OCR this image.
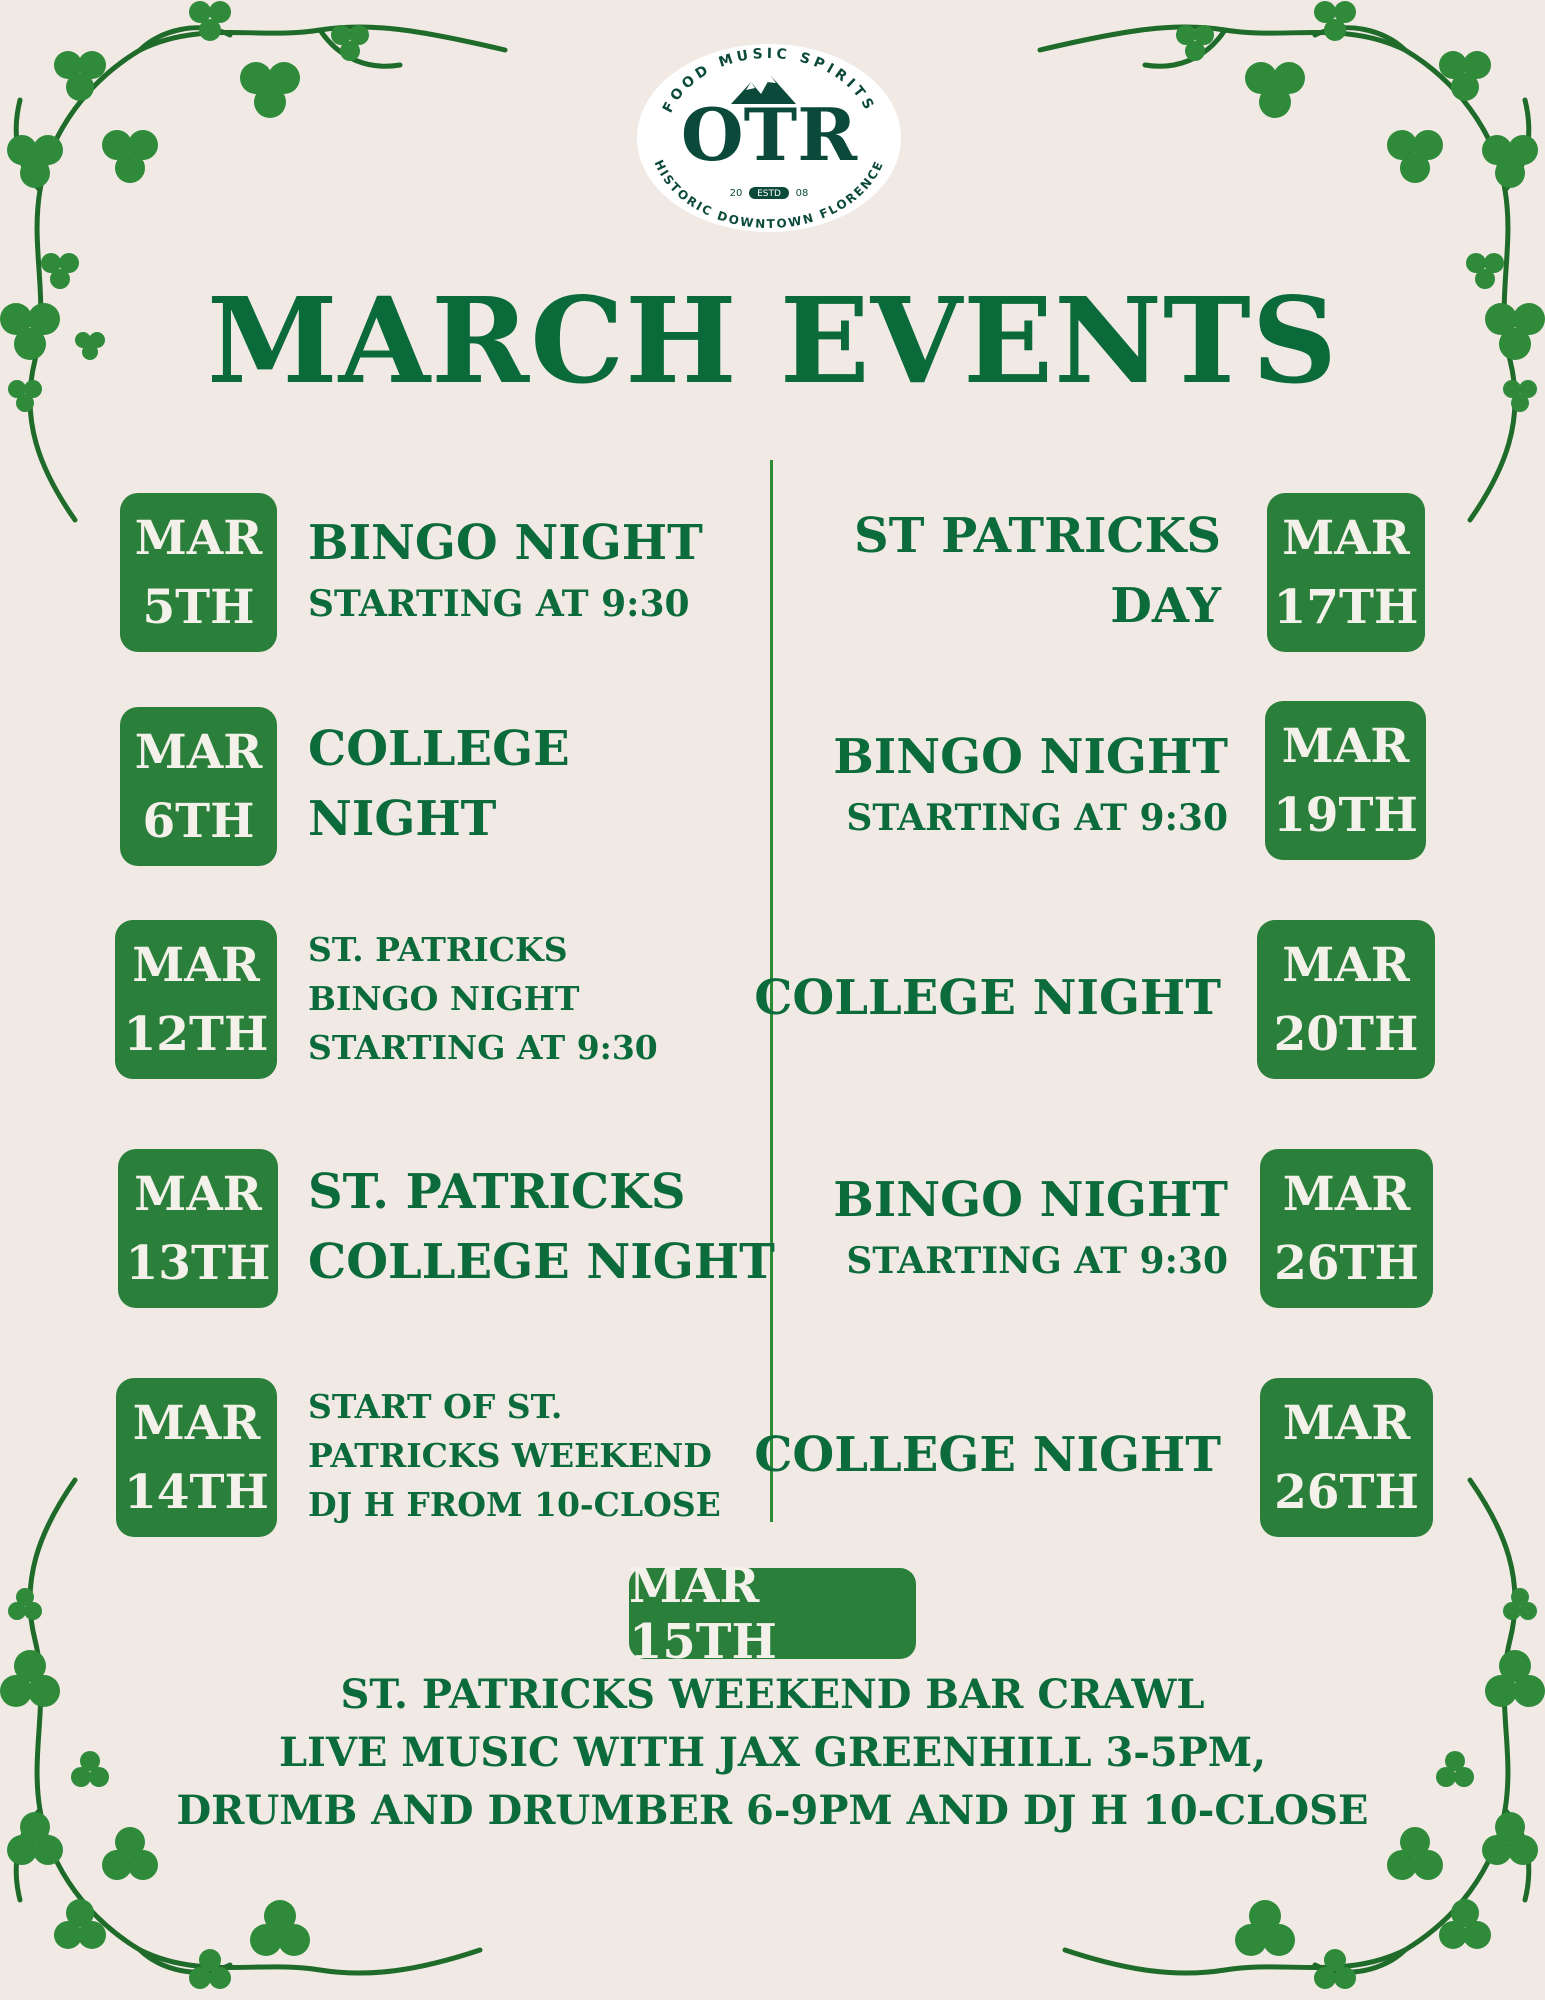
FOOD MUSIC SPIRITS
OTR
20 ESTD 08
HISTORIC DOWNTOWN FLORENCE
MARCH EVENTS
MAR
5TH
BINGO NIGHT
STARTING AT 9:30
MAR
6TH
COLLEGE
NIGHT
MAR
12TH
ST. PATRICKS
BINGO NIGHT
STARTING AT 9:30
MAR
13TH
ST. PATRICKS
COLLEGE NIGHT
MAR
14TH
START OF ST.
PATRICKS WEEKEND
DJ H FROM 10-CLOSE
ST PATRICKS
DAY
MAR
17TH
BINGO NIGHT
STARTING AT 9:30
MAR
19TH
COLLEGE NIGHT
MAR
20TH
BINGO NIGHT
STARTING AT 9:30
MAR
26TH
COLLEGE NIGHT
MAR
26TH
MAR 15TH
ST. PATRICKS WEEKEND BAR CRAWL
LIVE MUSIC WITH JAX GREENHILL 3-5PM,
DRUMB AND DRUMBER 6-9PM AND DJ H 10-CLOSE
